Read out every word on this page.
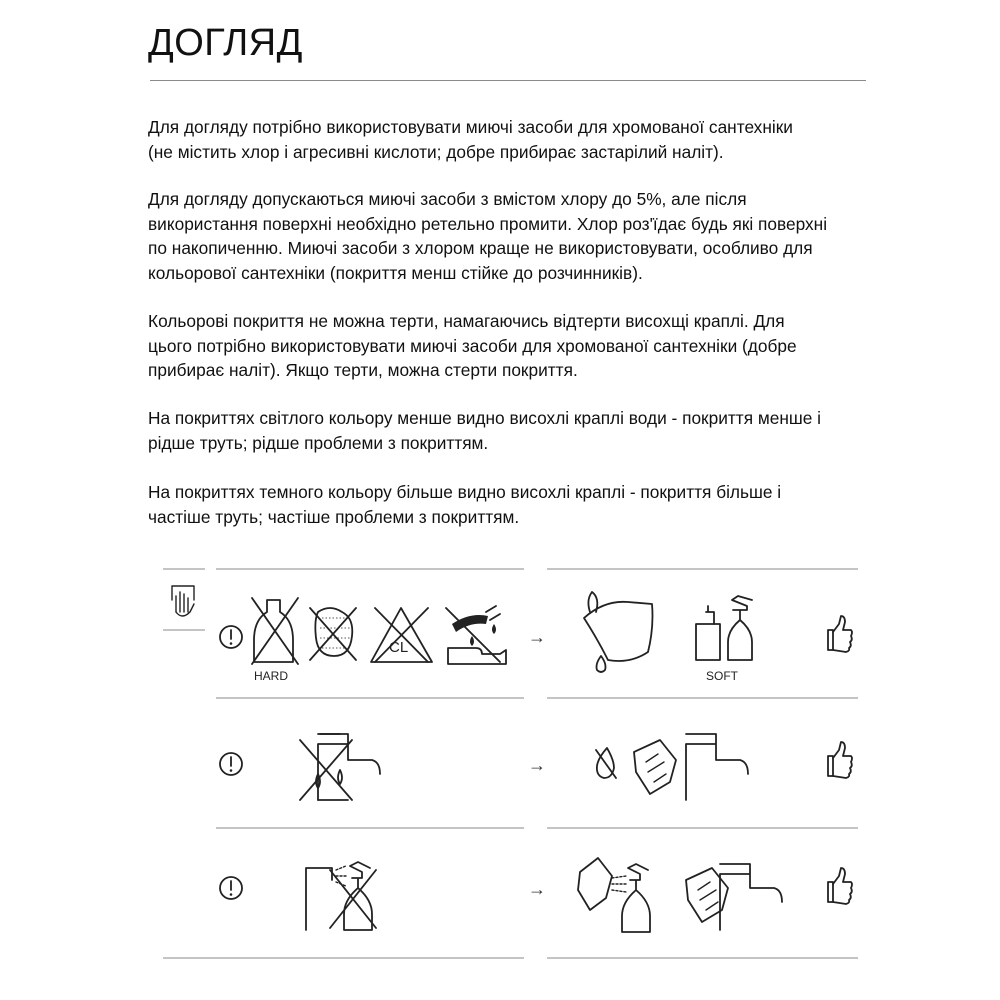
ДОГЛЯД

Для догляду потрібно використовувати миючі засоби для хромованої сантехніки
(не містить хлор і агресивні кислоти; добре прибирає застарілий наліт).

Для догляду допускаються миючі засоби з вмістом хлору до 5%, але після
використання поверхні необхідно ретельно промити. Хлор роз'їдає будь які поверхні
по накопиченню. Миючі засоби з хлором краще не використовувати, особливо для
кольорової сантехніки (покриття менш стійке до розчинників).

Кольорові покриття не можна терти, намагаючись відтерти висохщі краплі. Для
цього потрібно використовувати миючі засоби для хромованої сантехніки (добре
прибирає наліт). Якщо терти, можна стерти покриття.

На покриттях світлого кольору менше видно висохлі краплі води - покриття менше і
рідше труть; рідше проблеми з покриттям.

На покриттях темного кольору більше видно висохлі краплі - покриття більше і
частіше труть; частіше проблеми з покриттям.

HARD
CL
→
SOFT
→
→
